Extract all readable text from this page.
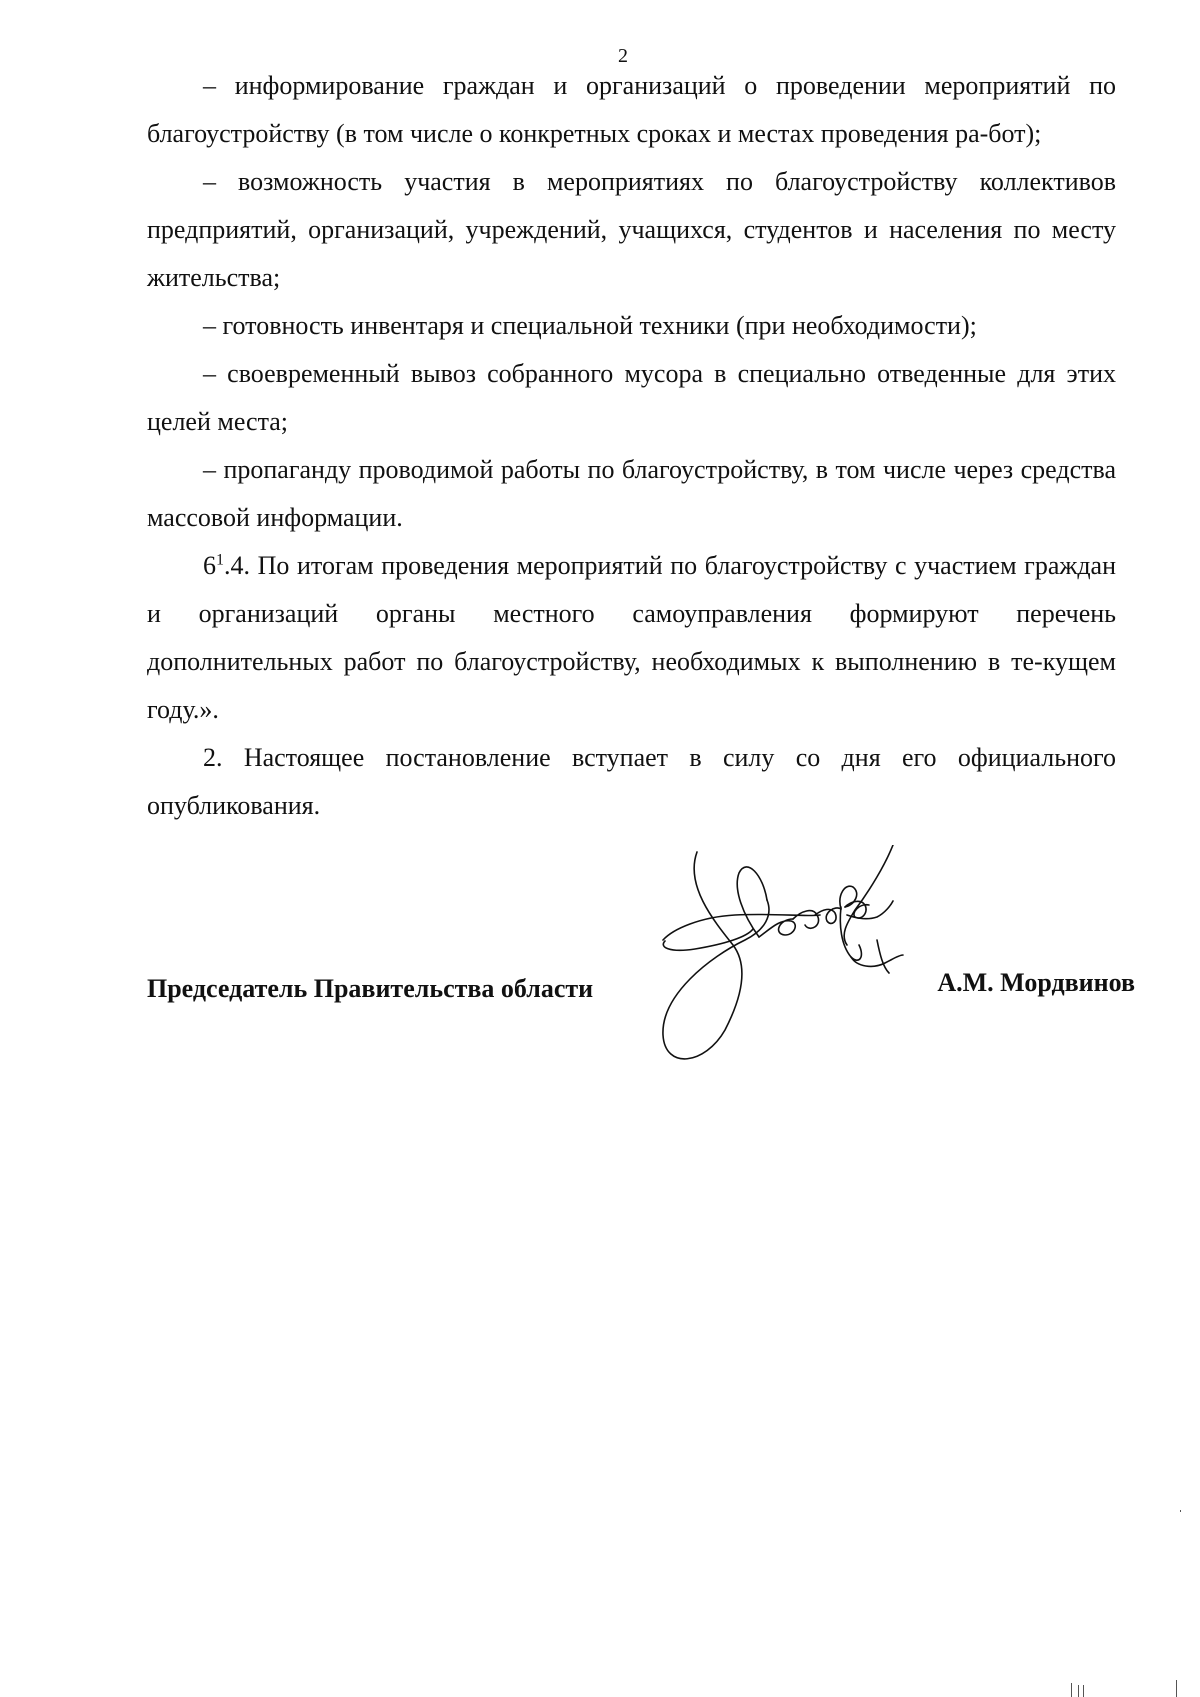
2

– информирование граждан и организаций о проведении мероприятий по благоустройству (в том числе о конкретных сроках и местах проведения ра-бот);

– возможность участия в мероприятиях по благоустройству коллективов предприятий, организаций, учреждений, учащихся, студентов и населения по месту жительства;

– готовность инвентаря и специальной техники (при необходимости);

– своевременный вывоз собранного мусора в специально отведенные для этих целей места;

– пропаганду проводимой работы по благоустройству, в том числе через средства массовой информации.

$6^1.4$. По итогам проведения мероприятий по благоустройству с участием граждан и организаций органы местного самоуправления формируют перечень дополнительных работ по благоустройству, необходимых к выполнению в те-кущем году.».

2. Настоящее постановление вступает в силу со дня его официального опубликования.

Председатель Правительства области	А.М. Мордвинов
